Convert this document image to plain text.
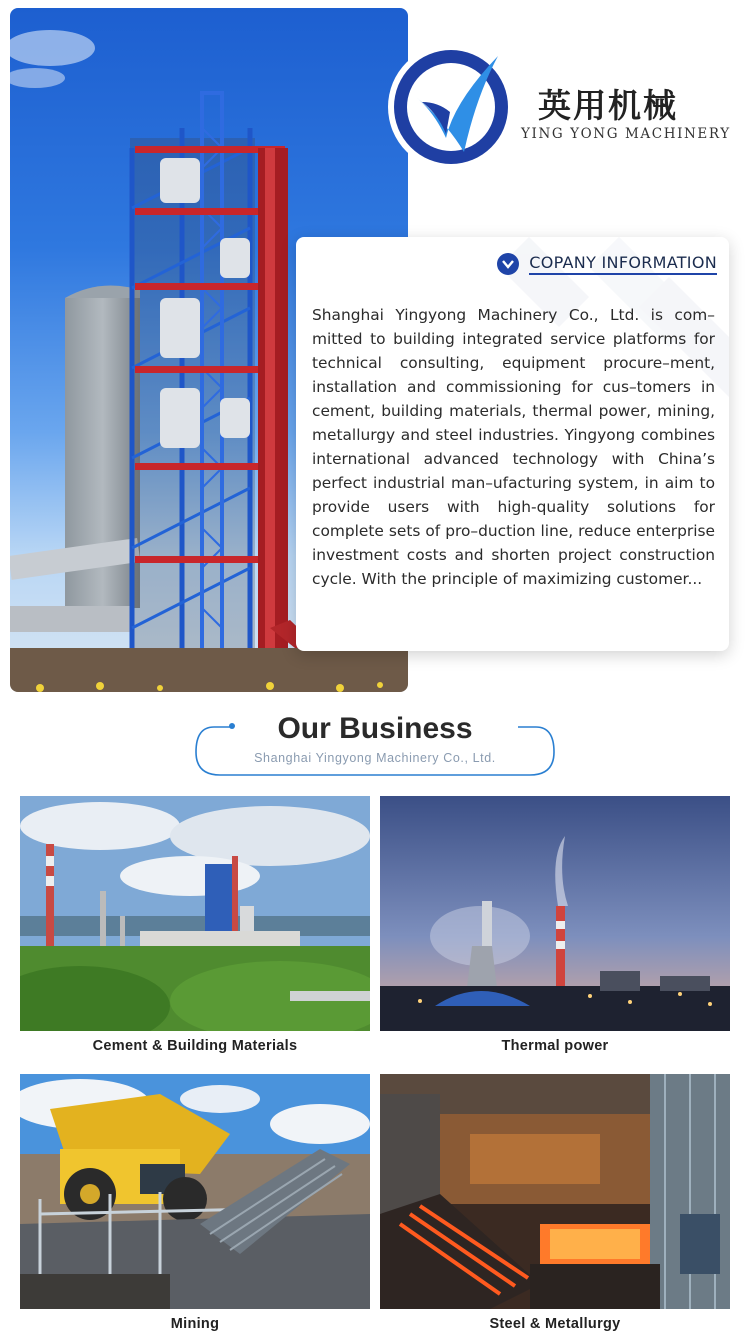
英用机械
YING YONG MACHINERY
COPANY INFORMATION
Shanghai Yingyong Machinery Co., Ltd. is com–mitted to building integrated service platforms for technical consulting, equipment procure–ment, installation and commissioning for cus–tomers in cement, building materials, thermal power, mining, metallurgy and steel industries. Yingyong combines international advanced technology with China’s perfect industrial man–ufacturing system, in aim to provide users with high-quality solutions for complete sets of pro–duction line, reduce enterprise investment costs and shorten project construction cycle. With the principle of maximizing customer...
Our Business
Shanghai Yingyong Machinery Co., Ltd.
Cement & Building Materials	Thermal power
Mining	Steel & Metallurgy
